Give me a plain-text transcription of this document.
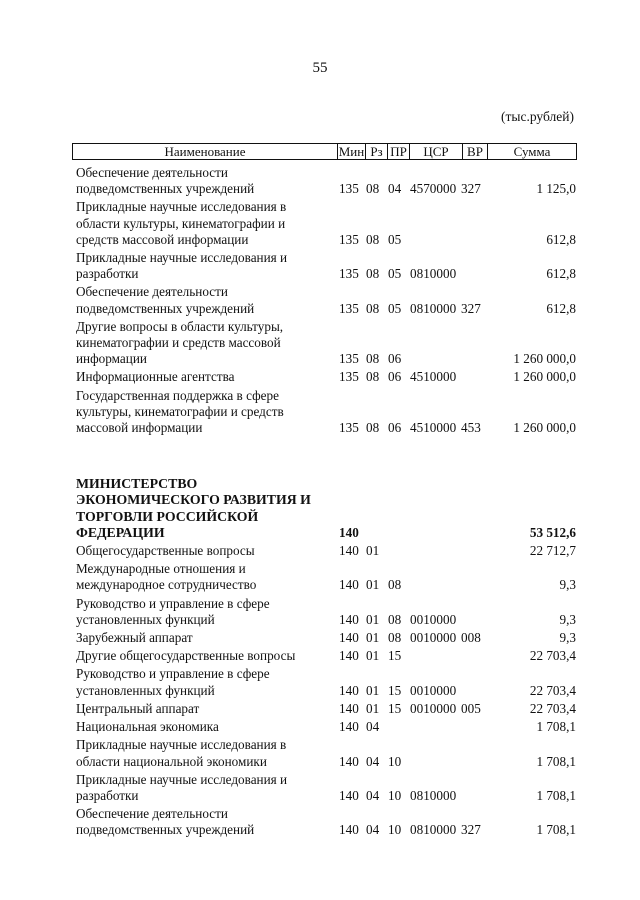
55
(тыс.рублей)
Наименование	Мин Рз ПР	ЦСР	ВР	Сумма
Обеспечение деятельности
подведомственных учреждений	135 08 04 4570000 327	1 125,0
Прикладные научные исследования в
области культуры, кинематографии и
средств массовой информации	135 08 05	612,8
Прикладные научные исследования и
разработки	135 08 05 0810000	612,8
Обеспечение деятельности
подведомственных учреждений	135 08 05 0810000 327	612,8
Другие вопросы в области культуры,
кинематографии и средств массовой
информации	135 08 06	1 260 000,0
Информационные агентства	135 08 06 4510000	1 260 000,0
Государственная поддержка в сфере
культуры, кинематографии и средств
массовой информации	135 08 06 4510000 453	1 260 000,0
МИНИСТЕРСТВО
ЭКОНОМИЧЕСКОГО РАЗВИТИЯ И
ТОРГОВЛИ РОССИЙСКОЙ
ФЕДЕРАЦИИ	140	53 512,6
Общегосударственные вопросы	140 01	22 712,7
Международные отношения и
международное сотрудничество	140 01 08	9,3
Руководство и управление в сфере
установленных функций	140 01 08 0010000	9,3
Зарубежный аппарат	140 01 08 0010000 008	9,3
Другие общегосударственные вопросы	140 01 15	22 703,4
Руководство и управление в сфере
установленных функций	140 01 15 0010000	22 703,4
Центральный аппарат	140 01 15 0010000 005	22 703,4
Национальная экономика	140 04	1 708,1
Прикладные научные исследования в
области национальной экономики	140 04 10	1 708,1
Прикладные научные исследования и
разработки	140 04 10 0810000	1 708,1
Обеспечение деятельности
подведомственных учреждений	140 04 10 0810000 327	1 708,1
